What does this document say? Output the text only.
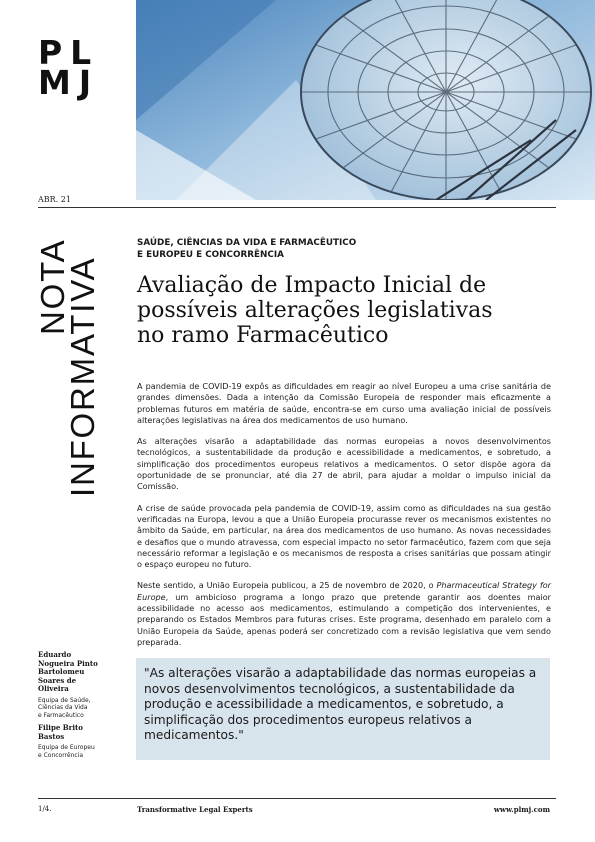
PL
MJ
ABR. 21
NOTA
INFORMATIVA
SAÚDE, CIÊNCIAS DA VIDA E FARMACÊUTICO
E EUROPEU E CONCORRÊNCIA
Avaliação de Impacto Inicial de
possíveis alterações legislativas
no ramo Farmacêutico

A pandemia de COVID-19 expôs as dificuldades em reagir ao nível Europeu a uma crise sanitária de grandes dimensões. Dada a intenção da Comissão Europeia de responder mais eficazmente a problemas futuros em matéria de saúde, encontra-se em curso uma avaliação inicial de possíveis alterações legislativas na área dos medicamentos de uso humano.

As alterações visarão a adaptabilidade das normas europeias a novos desenvolvimentos tecnológicos, a sustentabilidade da produção e acessibilidade a medicamentos, e sobretudo, a simplificação dos procedimentos europeus relativos a medicamentos. O setor dispõe agora da oportunidade de se pronunciar, até dia 27 de abril, para ajudar a moldar o impulso inicial da Comissão.

A crise de saúde provocada pela pandemia de COVID-19, assim como as dificuldades na sua gestão verificadas na Europa, levou a que a União Europeia procurasse rever os mecanismos existentes no âmbito da Saúde, em particular, na área dos medicamentos de uso humano. As novas necessidades e desafios que o mundo atravessa, com especial impacto no setor farmacêutico, fazem com que seja necessário reformar a legislação e os mecanismos de resposta a crises sanitárias que possam atingir o espaço europeu no futuro.

Neste sentido, a União Europeia publicou, a 25 de novembro de 2020, o Pharmaceutical Strategy for Europe, um ambicioso programa a longo prazo que pretende garantir aos doentes maior acessibilidade no acesso aos medicamentos, estimulando a competição dos intervenientes, e preparando os Estados Membros para futuras crises. Este programa, desenhado em paralelo com a União Europeia da Saúde, apenas poderá ser concretizado com a revisão legislativa que vem sendo preparada.

Eduardo
Nogueira Pinto
Bartolomeu
Soares de
Oliveira
Equipa de Saúde,
Ciências da Vida
e Farmacêutico
Filipe Brito
Bastos
Equipa de Europeu
e Concorrência
"As alterações visarão a adaptabilidade das normas europeias a novos desenvolvimentos tecnológicos, a sustentabilidade da produção e acessibilidade a medicamentos, e sobretudo, a simplificação dos procedimentos europeus relativos a medicamentos."
1/4.	Transformative Legal Experts	www.plmj.com
